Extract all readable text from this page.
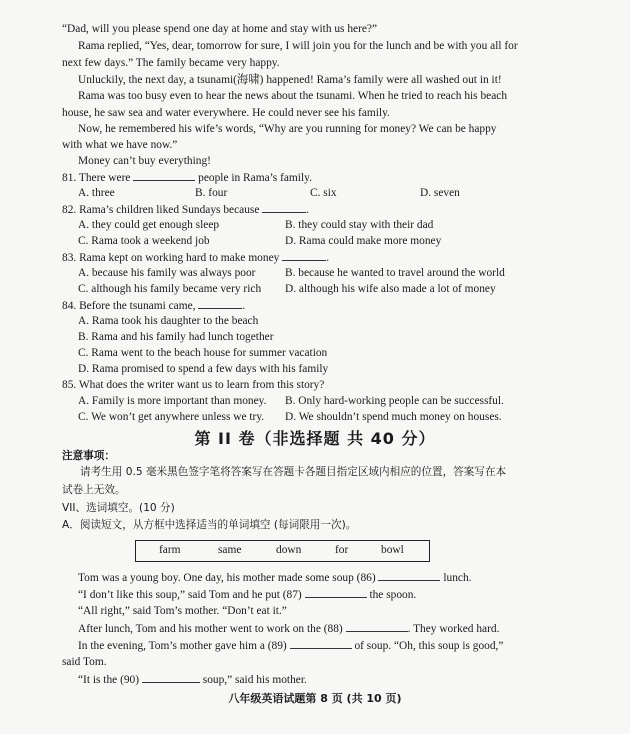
“Dad, will you please spend one day at home and stay with us here?”
Rama replied, “Yes, dear, tomorrow for sure, I will join you for the lunch and be with you all for
next few days.” The family became very happy.
Unluckily, the next day, a tsunami(海啸) happened! Rama’s family were all washed out in it!
Rama was too busy even to hear the news about the tsunami. When he tried to reach his beach
house, he saw sea and water everywhere. He could never see his family.
Now, he remembered his wife’s words, “Why are you running for money? We can be happy
with what we have now.”
Money can’t buy everything!
81. There were	people in Rama’s family.
A. three	B. four	C. six	D. seven
82. Rama’s children liked Sundays because	.
A. they could get enough sleep	B. they could stay with their dad
C. Rama took a weekend job	D. Rama could make more money
83. Rama kept on working hard to make money	.
A. because his family was always poor	B. because he wanted to travel around the world
C. although his family became very rich D. although his wife also made a lot of money
84. Before the tsunami came,	.
A. Rama took his daughter to the beach
B. Rama and his family had lunch together
C. Rama went to the beach house for summer vacation
D. Rama promised to spend a few days with his family
85. What does the writer want us to learn from this story?
A. Family is more important than money. B. Only hard-working people can be successful.
C. We won’t get anywhere unless we try. D. We shouldn’t spend much money on houses.
第 II 卷（非选择题 共 40 分）
注意事项：
请考生用 0.5 毫米黑色签字笔将答案写在答题卡各题目指定区域内相应的位置，答案写在本
试卷上无效。
VII、选词填空。(10 分)
A．阅读短文，从方框中选择适当的单词填空 (每词限用一次)。
farm	same	down	for	bowl
Tom was a young boy. One day, his mother made some soup (86)	lunch.
“I don’t like this soup,” said Tom and he put (87)	the spoon.
“All right,” said Tom’s mother. “Don’t eat it.”
After lunch, Tom and his mother went to work on the (88)	. They worked hard.
In the evening, Tom’s mother gave him a (89)	of soup. “Oh, this soup is good,”
said Tom.
“It is the (90)	soup,” said his mother.
八年级英语试题第 8 页 (共 10 页)
